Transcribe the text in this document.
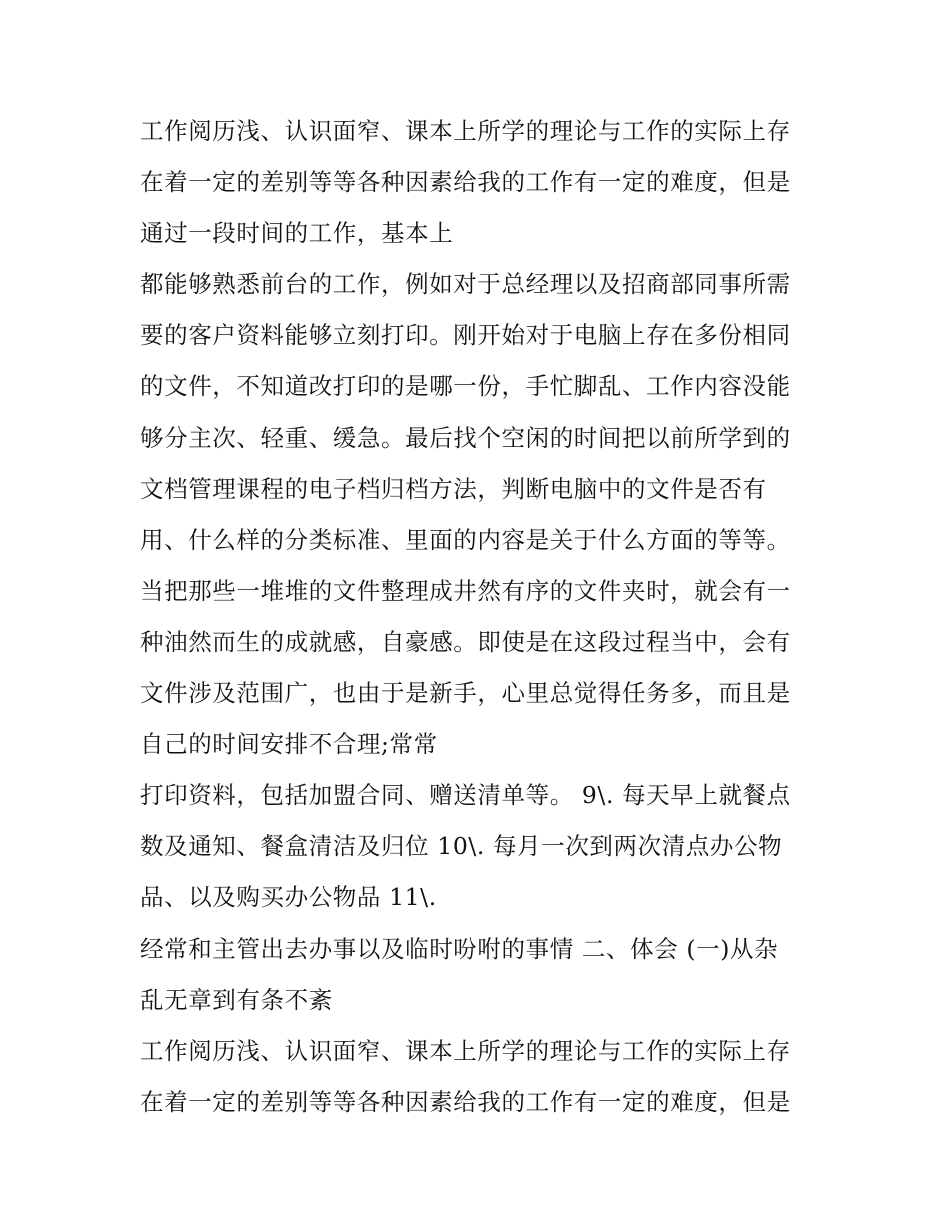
工作阅历浅、认识面窄、课本上所学的理论与工作的实际上存
在着一定的差别等等各种因素给我的工作有一定的难度，但是
通过一段时间的工作，基本上
都能够熟悉前台的工作，例如对于总经理以及招商部同事所需
要的客户资料能够立刻打印。刚开始对于电脑上存在多份相同
的文件，不知道改打印的是哪一份，手忙脚乱、工作内容没能
够分主次、轻重、缓急。最后找个空闲的时间把以前所学到的
文档管理课程的电子档归档方法，判断电脑中的文件是否有
用、什么样的分类标准、里面的内容是关于什么方面的等等。
当把那些一堆堆的文件整理成井然有序的文件夹时，就会有一
种油然而生的成就感，自豪感。即使是在这段过程当中，会有
文件涉及范围广，也由于是新手，心里总觉得任务多，而且是
自己的时间安排不合理;常常
打印资料，包括加盟合同、赠送清单等。 9\. 每天早上就餐点
数及通知、餐盒清洁及归位 10\. 每月一次到两次清点办公物
品、以及购买办公物品 11\.
经常和主管出去办事以及临时吩咐的事情 二、体会 (一)从杂
乱无章到有条不紊
工作阅历浅、认识面窄、课本上所学的理论与工作的实际上存
在着一定的差别等等各种因素给我的工作有一定的难度，但是
